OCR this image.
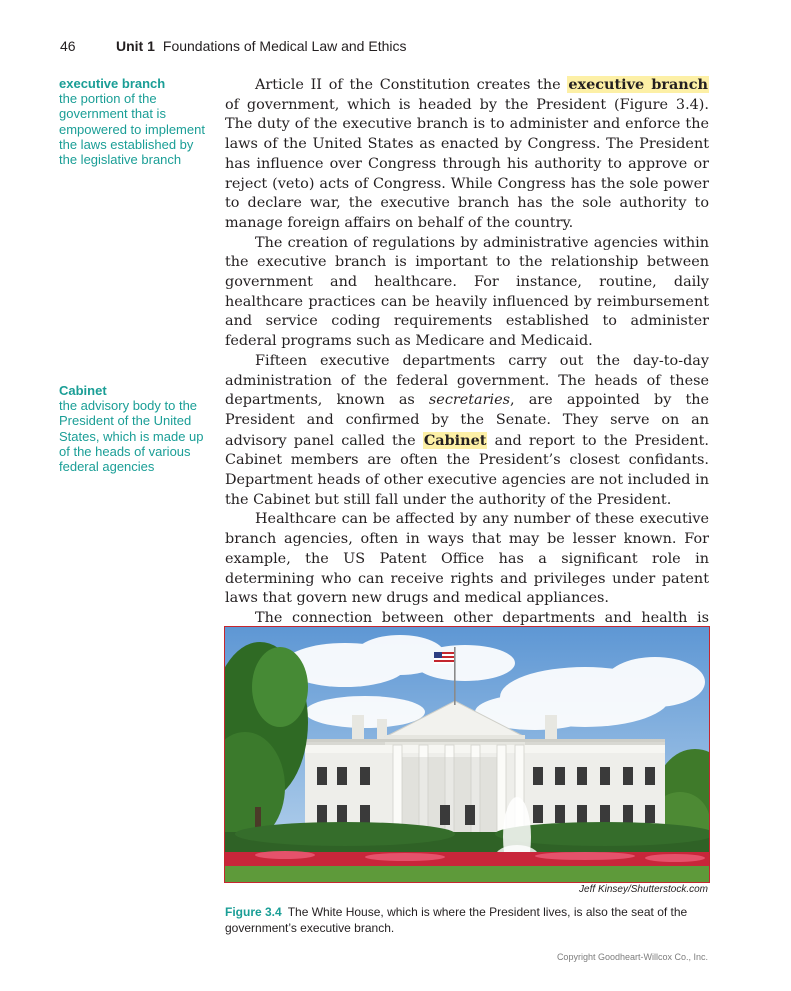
46	Unit 1 Foundations of Medical Law and Ethics
executive branch
the portion of the government that is empowered to implement the laws established by the legislative branch
Cabinet
the advisory body to the President of the United States, which is made up of the heads of various federal agencies

Article II of the Constitution creates the executive branch of government, which is headed by the President (Figure 3.4). The duty of the executive branch is to administer and enforce the laws of the United States as enacted by Congress. The President has influence over Congress through his authority to approve or reject (veto) acts of Congress. While Congress has the sole power to declare war, the executive branch has the sole authority to manage foreign affairs on behalf of the country.

The creation of regulations by administrative agencies within the executive branch is important to the relationship between government and healthcare. For instance, routine, daily healthcare practices can be heavily influenced by reimbursement and service coding requirements established to administer federal programs such as Medicare and Medicaid.

Fifteen executive departments carry out the day-to-day administration of the federal government. The heads of these departments, known as secretaries, are appointed by the President and confirmed by the Senate. They serve on an advisory panel called the Cabinet and report to the President. Cabinet members are often the President’s closest confidants. Department heads of other executive agencies are not included in the Cabinet but still fall under the authority of the President.

Healthcare can be affected by any number of these executive branch agencies, often in ways that may be lesser known. For example, the US Patent Office has a significant role in determining who can receive rights and privileges under patent laws that govern new drugs and medical appliances.

The connection between other departments and health is

Jeff Kinsey/Shutterstock.com
Figure 3.4 The White House, which is where the President lives, is also the seat of the government’s executive branch.
Copyright Goodheart-Willcox Co., Inc.
